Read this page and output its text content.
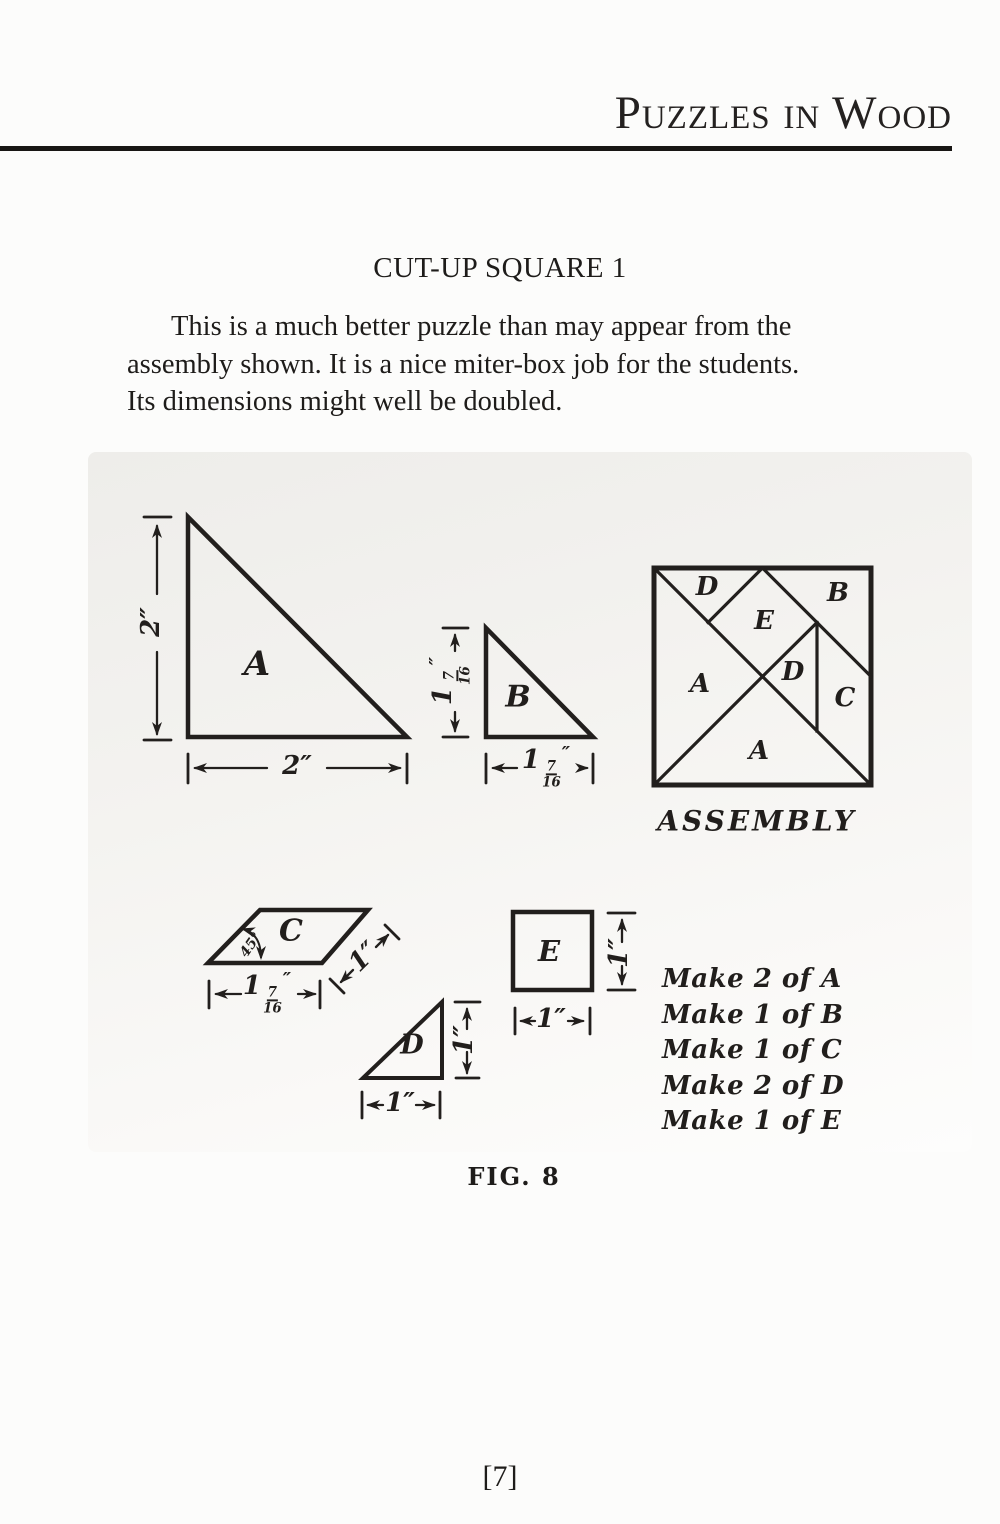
Puzzles in Wood
CUT-UP SQUARE 1
This is a much better puzzle than may appear from the
assembly shown. It is a nice miter-box job for the students.
Its dimensions might well be doubled.
A
B
C
D
E
D	B
E
A	D
C
A
ASSEMBLY
2″
2″
1
7 16
″
$1 \frac{7}{16}$
″
$1 \frac{7}{16}$
″
1″
45°
1″
1″
1″
1″
Make 2 of A
Make 1 of B
Make 1 of C
Make 2 of D
Make 1 of E
FIG. 8
[7]
